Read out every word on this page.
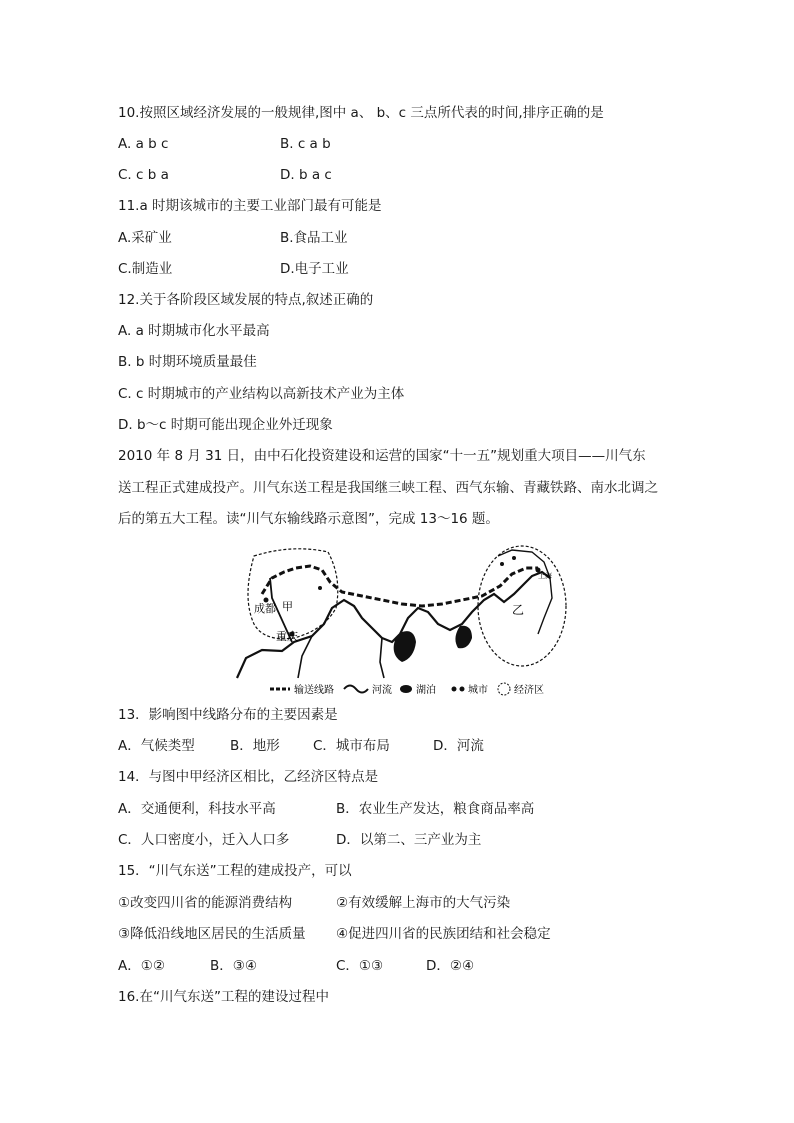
10.按照区域经济发展的一般规律,图中 a、 b、c 三点所代表的时间,排序正确的是
A. a b c	B. c a b
C. c b a	D. b a c
11.a 时期该城市的主要工业部门最有可能是
A.采矿业	B.食品工业
C.制造业	D.电子工业
12.关于各阶段区域发展的特点,叙述正确的
A. a 时期城市化水平最高
B. b 时期环境质量最佳
C. c 时期城市的产业结构以高新技术产业为主体
D. b～c 时期可能出现企业外迁现象
2010 年 8 月 31 日，由中石化投资建设和运营的国家“十一五”规划重大项目——川气东
送工程正式建成投产。川气东送工程是我国继三峡工程、西气东输、青藏铁路、南水北调之
后的第五大工程。读“川气东输线路示意图”，完成 13～16 题。
成都 甲
重庆
上海
乙
输送线路	河流 湖泊	城市	经济区
13．影响图中线路分布的主要因素是
A．气候类型	B．地形 C．城市布局	D．河流
14．与图中甲经济区相比，乙经济区特点是
A．交通便利，科技水平高	B．农业生产发达，粮食商品率高
C．人口密度小，迁入人口多	D．以第二、三产业为主
15．“川气东送”工程的建成投产，可以
①改变四川省的能源消费结构	②有效缓解上海市的大气污染
③降低沿线地区居民的生活质量 ④促进四川省的民族团结和社会稳定
A．①②	B．③④	C．①③	D．②④
16.在“川气东送”工程的建设过程中
